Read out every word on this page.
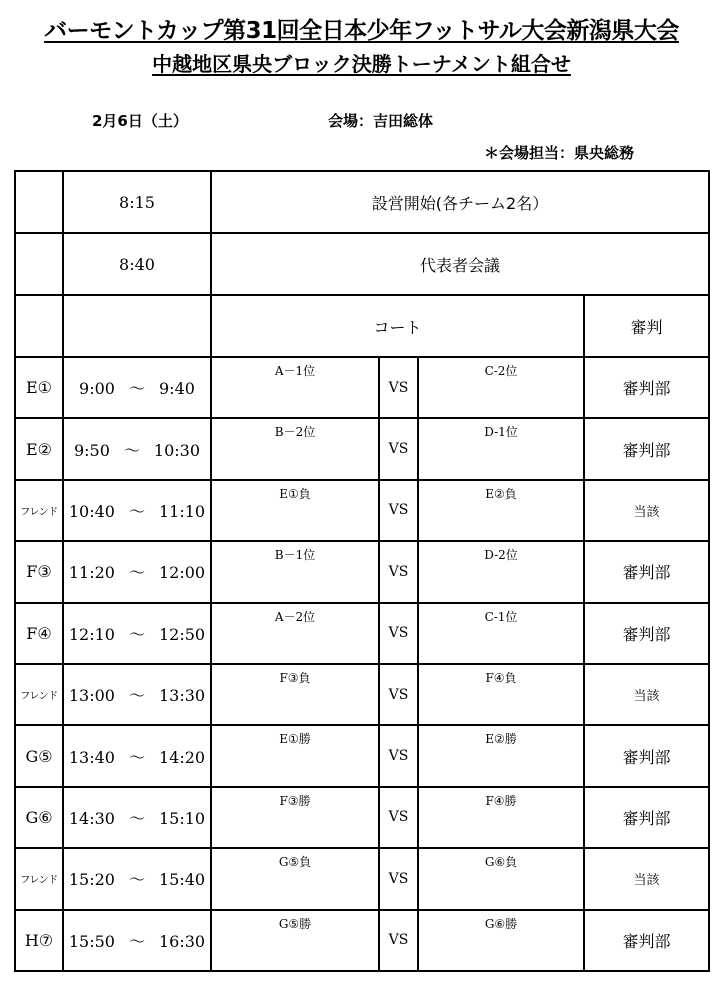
バーモントカップ第31回全日本少年フットサル大会新潟県大会
中越地区県央ブロック決勝トーナメント組合せ
2月6日（土）	会場：吉田総体
＊会場担当：県央総務
	8:15	設営開始(各チーム2名）			
	8:40	代表者会議			
		コート			審判
E①	9:00 ～ 9:40	A－1位	VS	C-2位	審判部
E②	9:50 ～ 10:30	B－2位	VS	D-1位	審判部
フレンド	10:40 ～ 11:10	E①負	VS	E②負	当該
F③	11:20 ～ 12:00	B－1位	VS	D-2位	審判部
F④	12:10 ～ 12:50	A－2位	VS	C-1位	審判部
フレンド	13:00 ～ 13:30	F③負	VS	F④負	当該
G⑤	13:40 ～ 14:20	E①勝	VS	E②勝	審判部
G⑥	14:30 ～ 15:10	F③勝	VS	F④勝	審判部
フレンド	15:20 ～ 15:40	G⑤負	VS	G⑥負	当該
H⑦	15:50 ～ 16:30	G⑤勝	VS	G⑥勝	審判部
